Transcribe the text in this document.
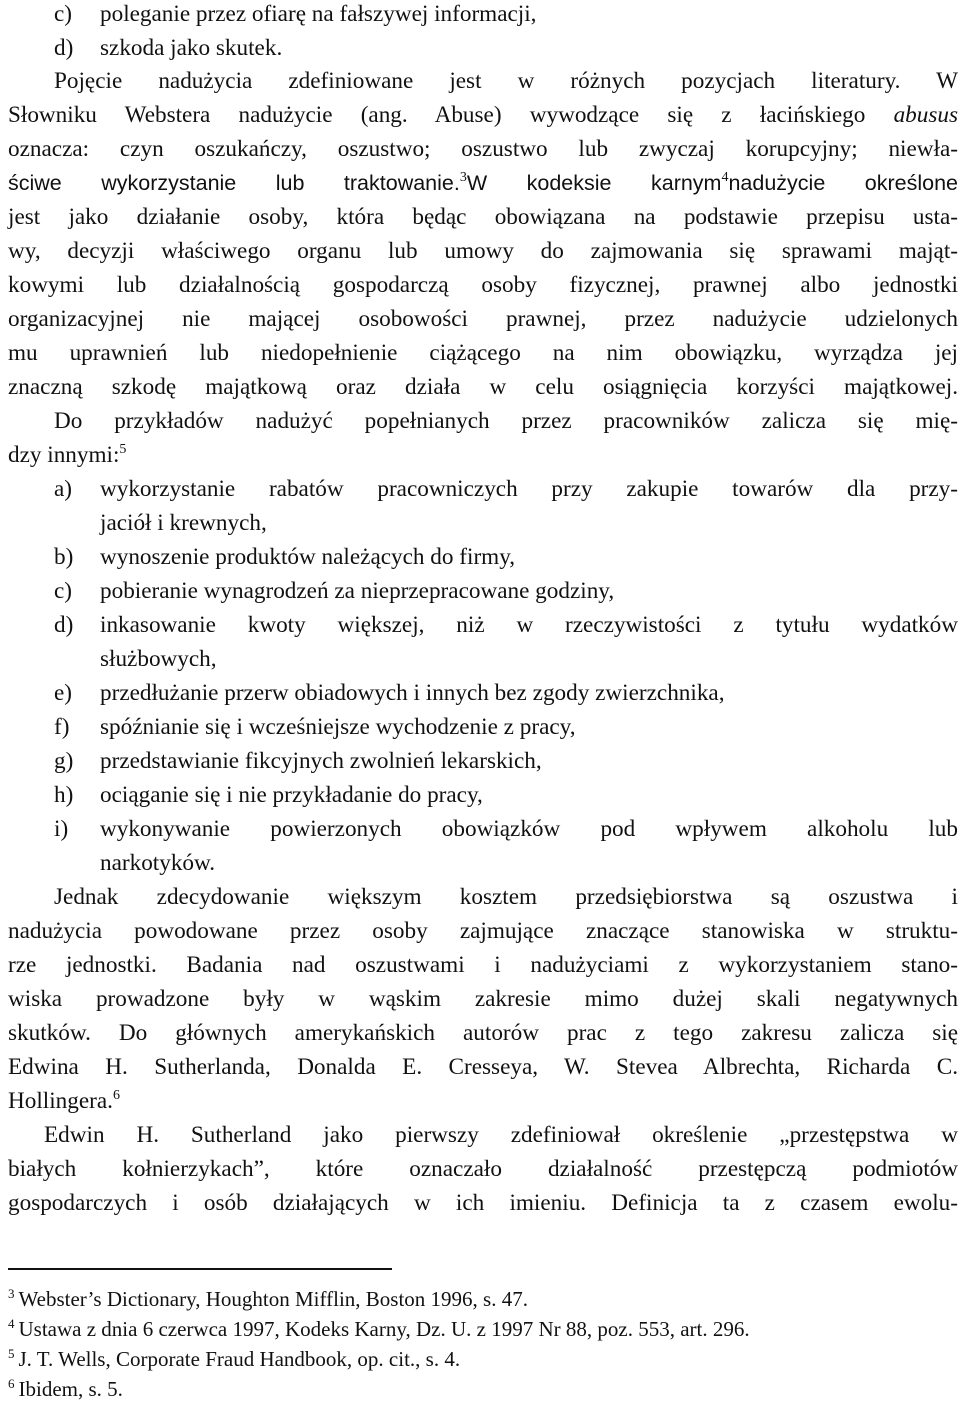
c) poleganie przez ofiarę na fałszywej informacji,
d) szkoda jako skutek.
Pojęcie nadużycia zdefiniowane jest w różnych pozycjach literatury. W
Słowniku Webstera nadużycie (ang. Abuse) wywodzące się z łacińskiego abusus
oznacza: czyn oszukańczy, oszustwo; oszustwo lub zwyczaj korupcyjny; niewła-
ściwe wykorzystanie lub traktowanie.$^3$W kodeksie karnym$^4$nadużycie określone
jest jako działanie osoby, która będąc obowiązana na podstawie przepisu usta-
wy, decyzji właściwego organu lub umowy do zajmowania się sprawami mająt-
kowymi lub działalnością gospodarczą osoby fizycznej, prawnej albo jednostki
organizacyjnej nie mającej osobowości prawnej, przez nadużycie udzielonych
mu uprawnień lub niedopełnienie ciążącego na nim obowiązku, wyrządza jej
znaczną szkodę majątkową oraz działa w celu osiągnięcia korzyści majątkowej.
Do przykładów nadużyć popełnianych przez pracowników zalicza się mię-
dzy innymi:$^5$
a) wykorzystanie rabatów pracowniczych przy zakupie towarów dla przy-
jaciół i krewnych,
b) wynoszenie produktów należących do firmy,
c) pobieranie wynagrodzeń za nieprzepracowane godziny,
d) inkasowanie kwoty większej, niż w rzeczywistości z tytułu wydatków
służbowych,
e) przedłużanie przerw obiadowych i innych bez zgody zwierzchnika,
f) spóźnianie się i wcześniejsze wychodzenie z pracy,
g) przedstawianie fikcyjnych zwolnień lekarskich,
h) ociąganie się i nie przykładanie do pracy,
i) wykonywanie powierzonych obowiązków pod wpływem alkoholu lub
narkotyków.
Jednak zdecydowanie większym kosztem przedsiębiorstwa są oszustwa i
nadużycia powodowane przez osoby zajmujące znaczące stanowiska w struktu-
rze jednostki. Badania nad oszustwami i nadużyciami z wykorzystaniem stano-
wiska prowadzone były w wąskim zakresie mimo dużej skali negatywnych
skutków. Do głównych amerykańskich autorów prac z tego zakresu zalicza się
Edwina H. Sutherlanda, Donalda E. Cresseya, W. Stevea Albrechta, Richarda C.
Hollingera.$^6$
Edwin H. Sutherland jako pierwszy zdefiniował określenie „przestępstwa w
białych kołnierzykach”, które oznaczało działalność przestępczą podmiotów
gospodarczych i osób działających w ich imieniu. Definicja ta z czasem ewolu-
$^3$ Webster’s Dictionary, Houghton Mifflin, Boston 1996, s. 47.
$^4$ Ustawa z dnia 6 czerwca 1997, Kodeks Karny, Dz. U. z 1997 Nr 88, poz. 553, art. 296.
$^5$ J. T. Wells, Corporate Fraud Handbook, op. cit., s. 4.
$^6$ Ibidem, s. 5.
